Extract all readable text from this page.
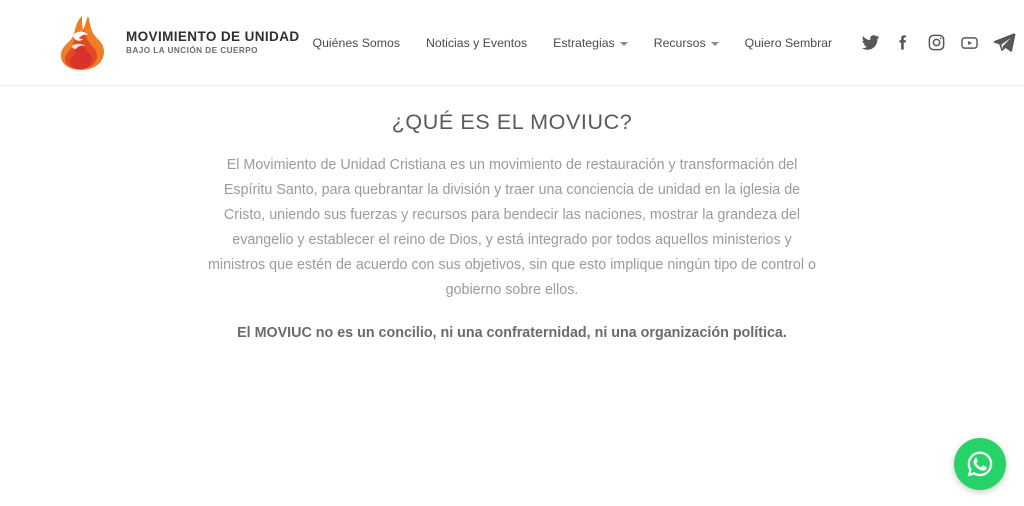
MOVIMIENTO DE UNIDAD
BAJO LA UNCIÓN DE CUERPO
Quiénes Somos Noticias y Eventos Estrategias	Recursos	Quiero Sembrar
¿QUÉ ES EL MOVIUC?

El Movimiento de Unidad Cristiana es un movimiento de restauración y transformación del Espíritu Santo, para quebrantar la división y traer una conciencia de unidad en la iglesia de Cristo, uniendo sus fuerzas y recursos para bendecir las naciones, mostrar la grandeza del evangelio y establecer el reino de Dios, y está integrado por todos aquellos ministerios y ministros que estén de acuerdo con sus objetivos, sin que esto implique ningún tipo de control o gobierno sobre ellos.

El MOVIUC no es un concilio, ni una confraternidad, ni una organización política.
